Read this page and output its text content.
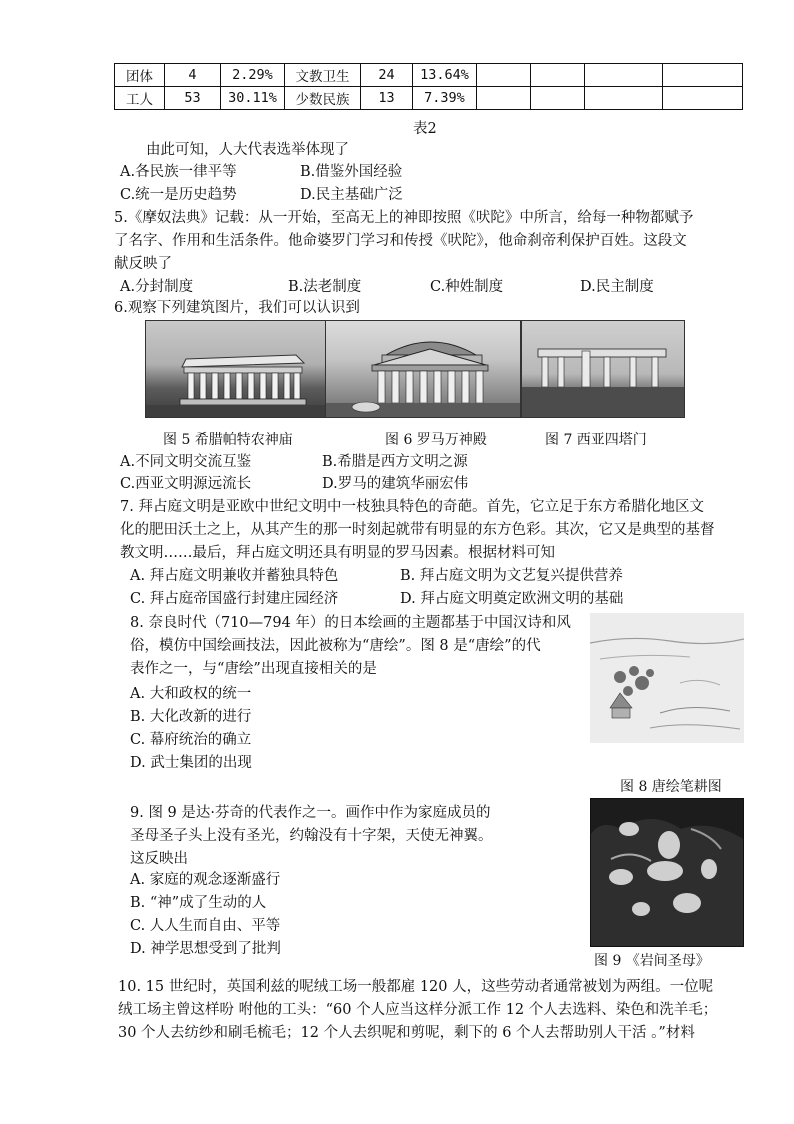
团体	4	2.29%	文教卫生	24	13.64%				
工人	53	30.11%	少数民族	13	7.39%				
表2
由此可知，人大代表选举体现了
A.各民族一律平等	B.借鉴外国经验
C.统一是历史趋势	D.民主基础广泛
5.《摩奴法典》记载：从一开始，至高无上的神即按照《吠陀》中所言，给每一种物都赋予
了名字、作用和生活条件。他命婆罗门学习和传授《吠陀》，他命刹帝利保护百姓。这段文
献反映了
A.分封制度	B.法老制度	C.种姓制度	D.民主制度
6.观察下列建筑图片，我们可以认识到
图 5 希腊帕特农神庙	图 6 罗马万神殿	图 7 西亚四塔门
A.不同文明交流互鉴	B.希腊是西方文明之源
C.西亚文明源远流长	D.罗马的建筑华丽宏伟
7. 拜占庭文明是亚欧中世纪文明中一枝独具特色的奇葩。首先，它立足于东方希腊化地区文
化的肥田沃土之上，从其产生的那一时刻起就带有明显的东方色彩。其次，它又是典型的基督
教文明……最后，拜占庭文明还具有明显的罗马因素。根据材料可知
A. 拜占庭文明兼收并蓄独具特色	B. 拜占庭文明为文艺复兴提供营养
C. 拜占庭帝国盛行封建庄园经济	D. 拜占庭文明奠定欧洲文明的基础
8. 奈良时代（710—794 年）的日本绘画的主题都基于中国汉诗和风
俗，模仿中国绘画技法，因此被称为“唐绘”。图 8 是“唐绘”的代
表作之一，与“唐绘”出现直接相关的是
A. 大和政权的统一
B. 大化改新的进行
C. 幕府统治的确立
D. 武士集团的出现
图 8 唐绘笔耕图
9. 图 9 是达·芬奇的代表作之一。画作中作为家庭成员的
圣母圣子头上没有圣光，约翰没有十字架，天使无神翼。
这反映出
A. 家庭的观念逐渐盛行
B. “神”成了生动的人
C. 人人生而自由、平等
D. 神学思想受到了批判
图 9 《岩间圣母》
10. 15 世纪时，英国利兹的呢绒工场一般都雇 120 人，这些劳动者通常被划为两组。一位呢
绒工场主曾这样吩 咐他的工头：“60 个人应当这样分派工作 12 个人去选料、染色和洗羊毛；
30 个人去纺纱和刷毛梳毛；12 个人去织呢和剪呢，剩下的 6 个人去帮助别人干活 。”材料
